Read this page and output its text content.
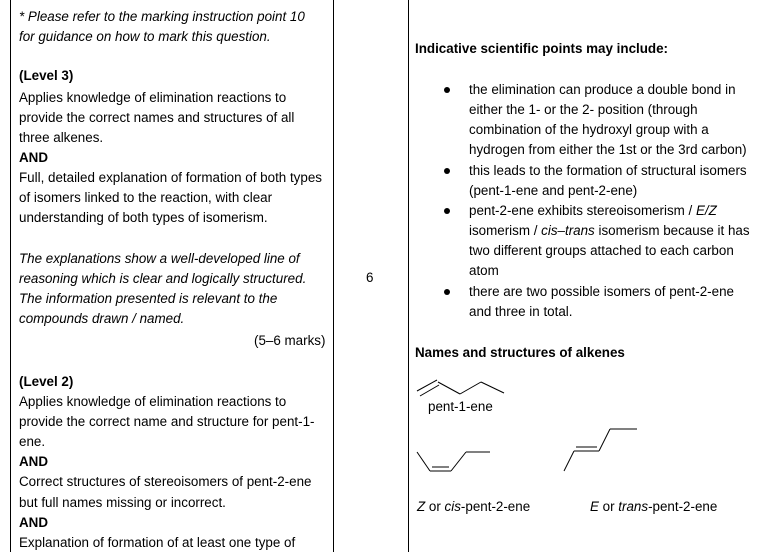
* Please refer to the marking instruction point 10
for guidance on how to mark this question.
(Level 3)
Applies knowledge of elimination reactions to
provide the correct names and structures of all
three alkenes.
AND
Full, detailed explanation of formation of both types
of isomers linked to the reaction, with clear
understanding of both types of isomerism.
The explanations show a well-developed line of
reasoning which is clear and logically structured.
The information presented is relevant to the
compounds drawn / named.
(5–6 marks)
(Level 2)
Applies knowledge of elimination reactions to
provide the correct name and structure for pent-1-
ene.
AND
Correct structures of stereoisomers of pent-2-ene
but full names missing or incorrect.
AND
Explanation of formation of at least one type of
6
Indicative scientific points may include:
the elimination can produce a double bond in
either the 1- or the 2- position (through
combination of the hydroxyl group with a
hydrogen from either the 1st or the 3rd carbon)
this leads to the formation of structural isomers
(pent-1-ene and pent-2-ene)
pent-2-ene exhibits stereoisomerism / E/Z
isomerism / cis–trans isomerism because it has
two different groups attached to each carbon
atom
there are two possible isomers of pent-2-ene
and three in total.
Names and structures of alkenes
pent-1-ene
Z or cis-pent-2-ene	E or trans-pent-2-ene
